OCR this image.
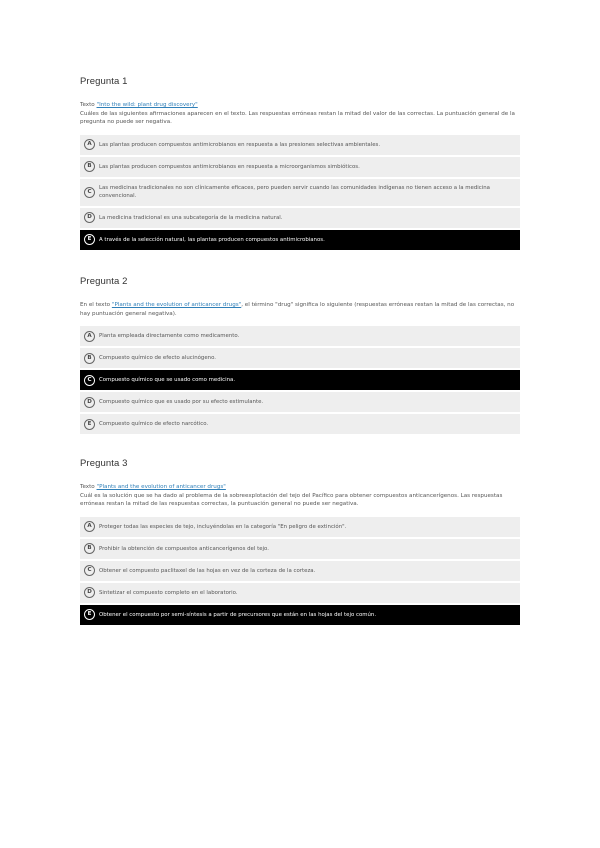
Pregunta 1

Texto "Into the wild: plant drug discovery"
Cuáles de las siguientes afirmaciones aparecen en el texto. Las respuestas erróneas restan la mitad del valor de las correctas. La puntuación general de la pregunta no puede ser negativa.

A	Las plantas producen compuestos antimicrobianos en respuesta a las presiones selectivas ambientales.
B	Las plantas producen compuestos antimicrobianos en respuesta a microorganismos simbióticos.
C
Las medicinas tradicionales no son clínicamente eficaces, pero pueden servir cuando las comunidades indígenas no tienen acceso a la medicina convencional.
D	La medicina tradicional es una subcategoría de la medicina natural.
E	A través de la selección natural, las plantas producen compuestos antimicrobianos.
Pregunta 2

En el texto "Plants and the evolution of anticancer drugs", el término "drug" significa lo siguiente (respuestas erróneas restan la mitad de las correctas, no hay puntuación general negativa).

A	Planta empleada directamente como medicamento.
B	Compuesto químico de efecto alucinógeno.
C	Compuesto químico que se usado como medicina.
D	Compuesto químico que es usado por su efecto estimulante.
E	Compuesto químico de efecto narcótico.
Pregunta 3

Texto "Plants and the evolution of anticancer drugs"
Cuál es la solución que se ha dado al problema de la sobreexplotación del tejo del Pacífico para obtener compuestos anticancerígenos. Las respuestas erróneas restan la mitad de las respuestas correctas, la puntuación general no puede ser negativa.

A	Proteger todas las especies de tejo, incluyéndolas en la categoría "En peligro de extinción".
B	Prohibir la obtención de compuestos anticancerígenos del tejo.
C	Obtener el compuesto paclitaxel de las hojas en vez de la corteza de la corteza.
D	Sintetizar el compuesto completo en el laboratorio.
E	Obtener el compuesto por semi-síntesis a partir de precursores que están en las hojas del tejo común.
